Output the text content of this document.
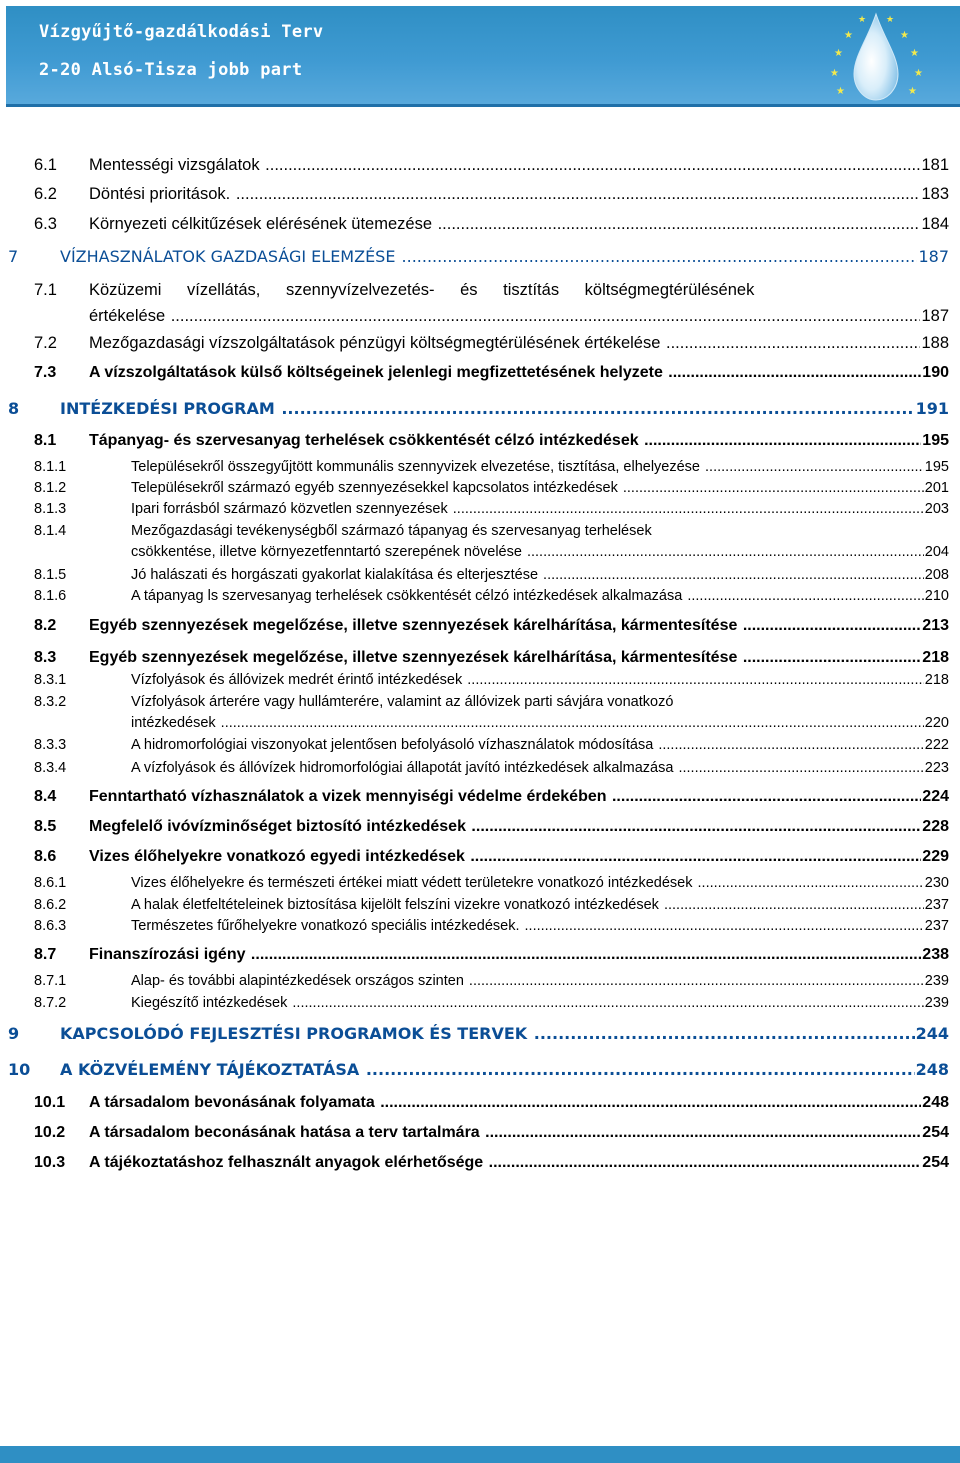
Vízgyűjtő-gazdálkodási Terv
2-20 Alsó-Tisza jobb part
★
★
★
★
★
★
★
★
★ ★
6.1 Mentességi vizsgálatok .....	181
6.2 Döntési prioritások. .....	183
6.3 Környezeti célkitűzések elérésének ütemezése .....	184
7	VÍZHASZNÁLATOK GAZDASÁGI ELEMZÉSE .....	187
7.1 Közüzemi vízellátás, szennyvízelvezetés- és tisztítás költségmegtérülésének
értékelése .....	187
7.2 Mezőgazdasági vízszolgáltatások pénzügyi költségmegtérülésének értékelése .....	188
7.3 A vízszolgáltatások külső költségeinek jelenlegi megfizettetésének helyzete .....	190
8	INTÉZKEDÉSI PROGRAM .....	191
8.1 Tápanyag- és szervesanyag terhelések csökkentését célzó intézkedések .....	195
8.1.1	Településekről összegyűjtött kommunális szennyvizek elvezetése, tisztítása, elhelyezése .....	195
8.1.2	Településekről származó egyéb szennyezésekkel kapcsolatos intézkedések .....	201
8.1.3	Ipari forrásból származó közvetlen szennyezések .....	203
8.1.4	Mezőgazdasági tevékenységből származó tápanyag és szervesanyag terhelések
csökkentése, illetve környezetfenntartó szerepének növelése .....	204
8.1.5	Jó halászati és horgászati gyakorlat kialakítása és elterjesztése .....	208
8.1.6	A tápanyag ls szervesanyag terhelések csökkentését célzó intézkedések alkalmazása .....	210
8.2 Egyéb szennyezések megelőzése, illetve szennyezések kárelhárítása, kármentesítése .....	213
8.3 Egyéb szennyezések megelőzése, illetve szennyezések kárelhárítása, kármentesítése .....	218
8.3.1	Vízfolyások és állóvizek medrét érintő intézkedések .....	218
8.3.2	Vízfolyások árterére vagy hullámterére, valamint az állóvizek parti sávjára vonatkozó
intézkedések .....	220
8.3.3	A hidromorfológiai viszonyokat jelentősen befolyásoló vízhasználatok módosítása .....	222
8.3.4	A vízfolyások és állóvízek hidromorfológiai állapotát javító intézkedések alkalmazása .....	223
8.4 Fenntartható vízhasználatok a vizek mennyiségi védelme érdekében .....	224
8.5 Megfelelő ivóvízminőséget biztosító intézkedések .....	228
8.6 Vizes élőhelyekre vonatkozó egyedi intézkedések .....	229
8.6.1	Vizes élőhelyekre és természeti értékei miatt védett területekre vonatkozó intézkedések .....	230
8.6.2	A halak életfeltételeinek biztosítása kijelölt felszíni vizekre vonatkozó intézkedések .....	237
8.6.3	Természetes fűrőhelyekre vonatkozó speciális intézkedések. .....	237
8.7 Finanszírozási igény .....	238
8.7.1	Alap- és további alapintézkedések országos szinten .....	239
8.7.2	Kiegészítő intézkedések .....	239
9	KAPCSOLÓDÓ FEJLESZTÉSI PROGRAMOK ÉS TERVEK .....	244
10 A KÖZVÉLEMÉNY TÁJÉKOZTATÁSA .....	248
10.1 A társadalom bevonásának folyamata .....	248
10.2 A társadalom beconásának hatása a terv tartalmára .....	254
10.3 A tájékoztatáshoz felhasznált anyagok elérhetősége .....	254
